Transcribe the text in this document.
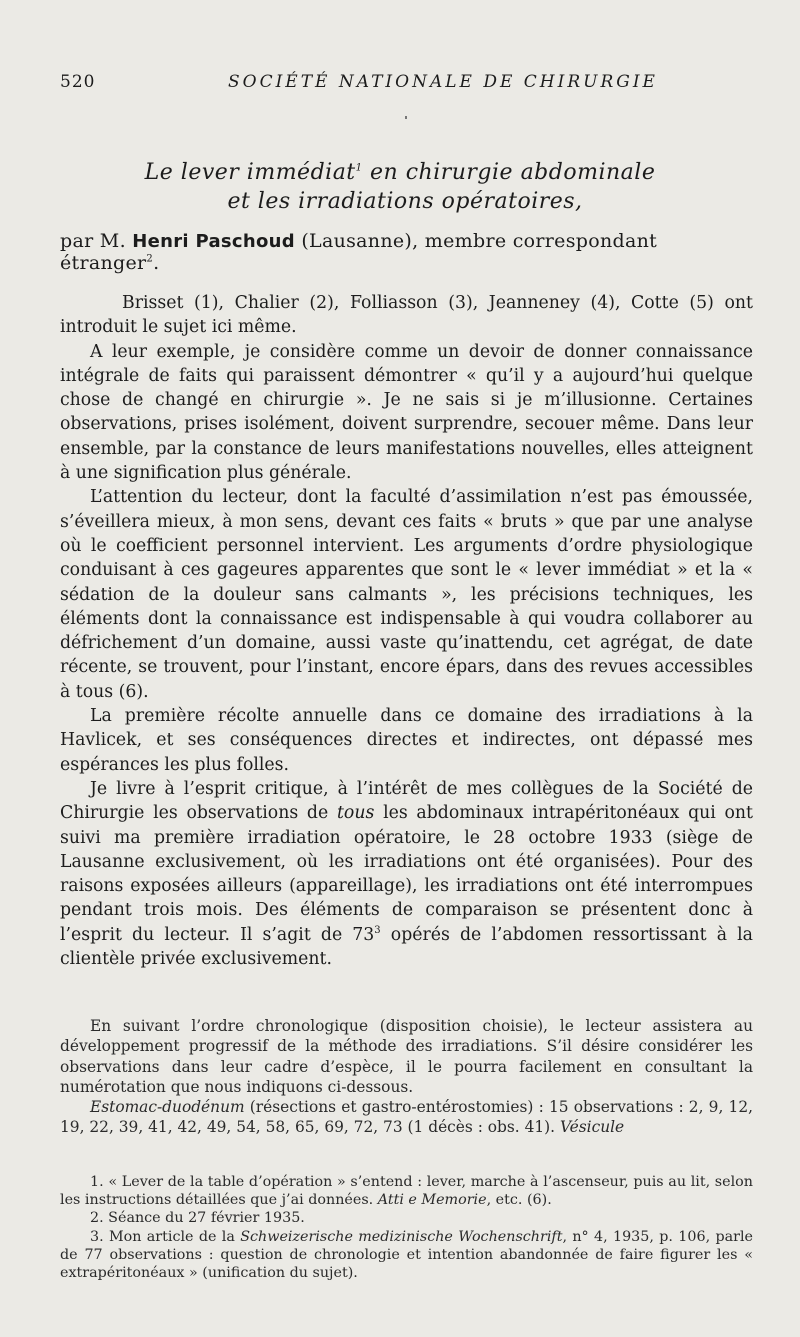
520	SOCIÉTÉ NATIONALE DE CHIRURGIE
Le lever immédiat$^1$ en chirurgie abdominale
et les irradiations opératoires,
par M. Henri Paschoud (Lausanne), membre correspondant étranger$^2$.

Brisset (1), Chalier (2), Folliasson (3), Jeanneney (4), Cotte (5) ont introduit le sujet ici même.

A leur exemple, je considère comme un devoir de donner connaissance intégrale de faits qui paraissent démontrer « qu’il y a aujourd’hui quelque chose de changé en chirurgie ». Je ne sais si je m’illusionne. Certaines observations, prises isolément, doivent surprendre, secouer même. Dans leur ensemble, par la constance de leurs manifestations nouvelles, elles atteignent à une signification plus générale.

L’attention du lecteur, dont la faculté d’assimilation n’est pas émoussée, s’éveillera mieux, à mon sens, devant ces faits « bruts » que par une analyse où le coefficient personnel intervient. Les arguments d’ordre physiologique conduisant à ces gageures apparentes que sont le « lever immédiat » et la « sédation de la douleur sans calmants », les précisions techniques, les éléments dont la connaissance est indispensable à qui voudra collaborer au défrichement d’un domaine, aussi vaste qu’inattendu, cet agrégat, de date récente, se trouvent, pour l’instant, encore épars, dans des revues accessibles à tous (6).

La première récolte annuelle dans ce domaine des irradiations à la Havlicek, et ses conséquences directes et indirectes, ont dépassé mes espérances les plus folles.

Je livre à l’esprit critique, à l’intérêt de mes collègues de la Société de Chirurgie les observations de tous les abdominaux intrapéritonéaux qui ont suivi ma première irradiation opératoire, le 28 octobre 1933 (siège de Lausanne exclusivement, où les irradiations ont été organisées). Pour des raisons exposées ailleurs (appareillage), les irradiations ont été interrompues pendant trois mois. Des éléments de comparaison se présentent donc à l’esprit du lecteur. Il s’agit de $73^3$ opérés de l’abdomen ressortissant à la clientèle privée exclusivement.

En suivant l’ordre chronologique (disposition choisie), le lecteur assistera au développement progressif de la méthode des irradiations. S’il désire considérer les observations dans leur cadre d’espèce, il le pourra facilement en consultant la numérotation que nous indiquons ci-dessous.

Estomac-duodénum (résections et gastro-entérostomies) : 15 observations : 2, 9, 12, 19, 22, 39, 41, 42, 49, 54, 58, 65, 69, 72, 73 (1 décès : obs. 41). Vésicule

1. « Lever de la table d’opération » s’entend : lever, marche à l’ascenseur, puis au lit, selon les instructions détaillées que j’ai données. Atti e Memorie, etc. (6).

2. Séance du 27 février 1935.

3. Mon article de la Schweizerische medizinische Wochenschrift, n° 4, 1935, p. 106, parle de 77 observations : question de chronologie et intention abandonnée de faire figurer les « extrapéritonéaux » (unification du sujet).
